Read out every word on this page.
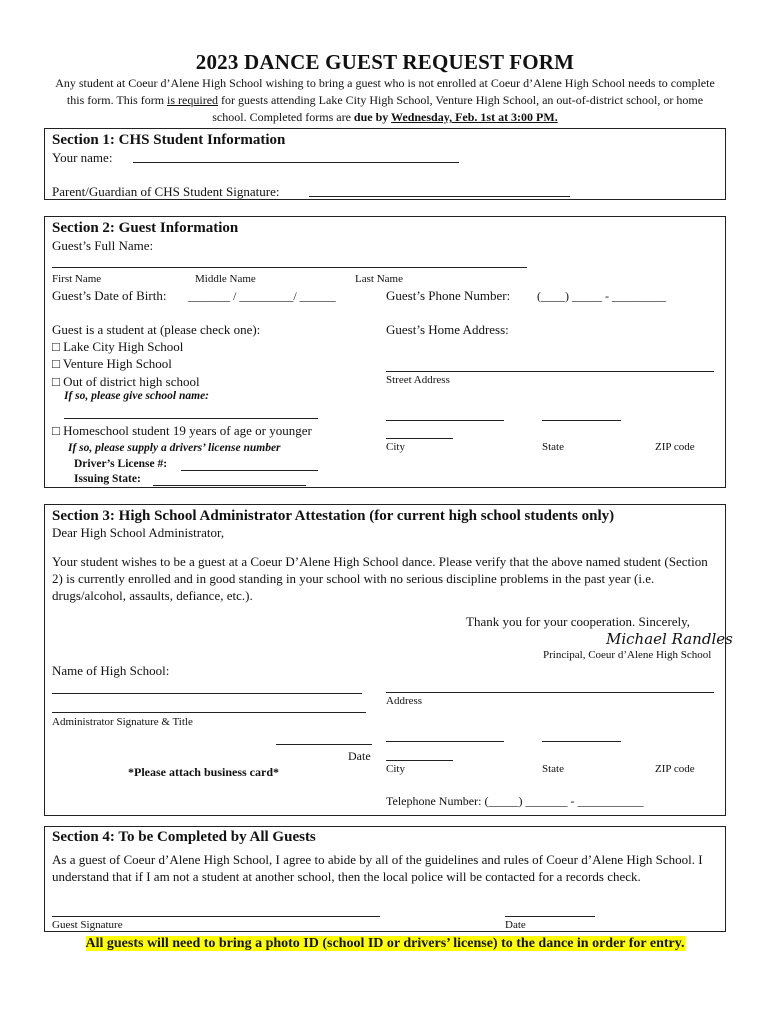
2023 DANCE GUEST REQUEST FORM
Any student at Coeur d’Alene High School wishing to bring a guest who is not enrolled at Coeur d’Alene High School needs to complete this form. This form is required for guests attending Lake City High School, Venture High School, an out-of-district school, or home school. Completed forms are due by Wednesday, Feb. 1st at 3:00 PM.
Section 1: CHS Student Information
Your name:
Parent/Guardian of CHS Student Signature:
Section 2: Guest Information
Guest’s Full Name:
First Name	Middle Name	Last Name
Guest’s Date of Birth: _______ / _________/ ______	Guest’s Phone Number: (____) _____ - _________
Guest is a student at (please check one):
□ Lake City High School
□ Venture High School
□ Out of district high school
If so, please give school name:
□ Homeschool student 19 years of age or younger
If so, please supply a drivers’ license number
Driver’s License #:
Issuing State:
Guest’s Home Address:
Street Address
City	State	ZIP code
Section 3: High School Administrator Attestation (for current high school students only)
Dear High School Administrator,
Your student wishes to be a guest at a Coeur D’Alene High School dance. Please verify that the above named student (Section 2) is currently enrolled and in good standing in your school with no serious discipline problems in the past year (i.e. drugs/alcohol, assaults, defiance, etc.).
Thank you for your cooperation. Sincerely,
Michael Randles
Principal, Coeur d’Alene High School
Name of High School:
Administrator Signature & Title
Date
*Please attach business card*
Address
City	State	ZIP code
Telephone Number: (_____) _______ - ___________
Section 4: To be Completed by All Guests
As a guest of Coeur d’Alene High School, I agree to abide by all of the guidelines and rules of Coeur d’Alene High School. I understand that if I am not a student at another school, then the local police will be contacted for a records check.
Guest Signature	Date
All guests will need to bring a photo ID (school ID or drivers’ license) to the dance in order for entry.
